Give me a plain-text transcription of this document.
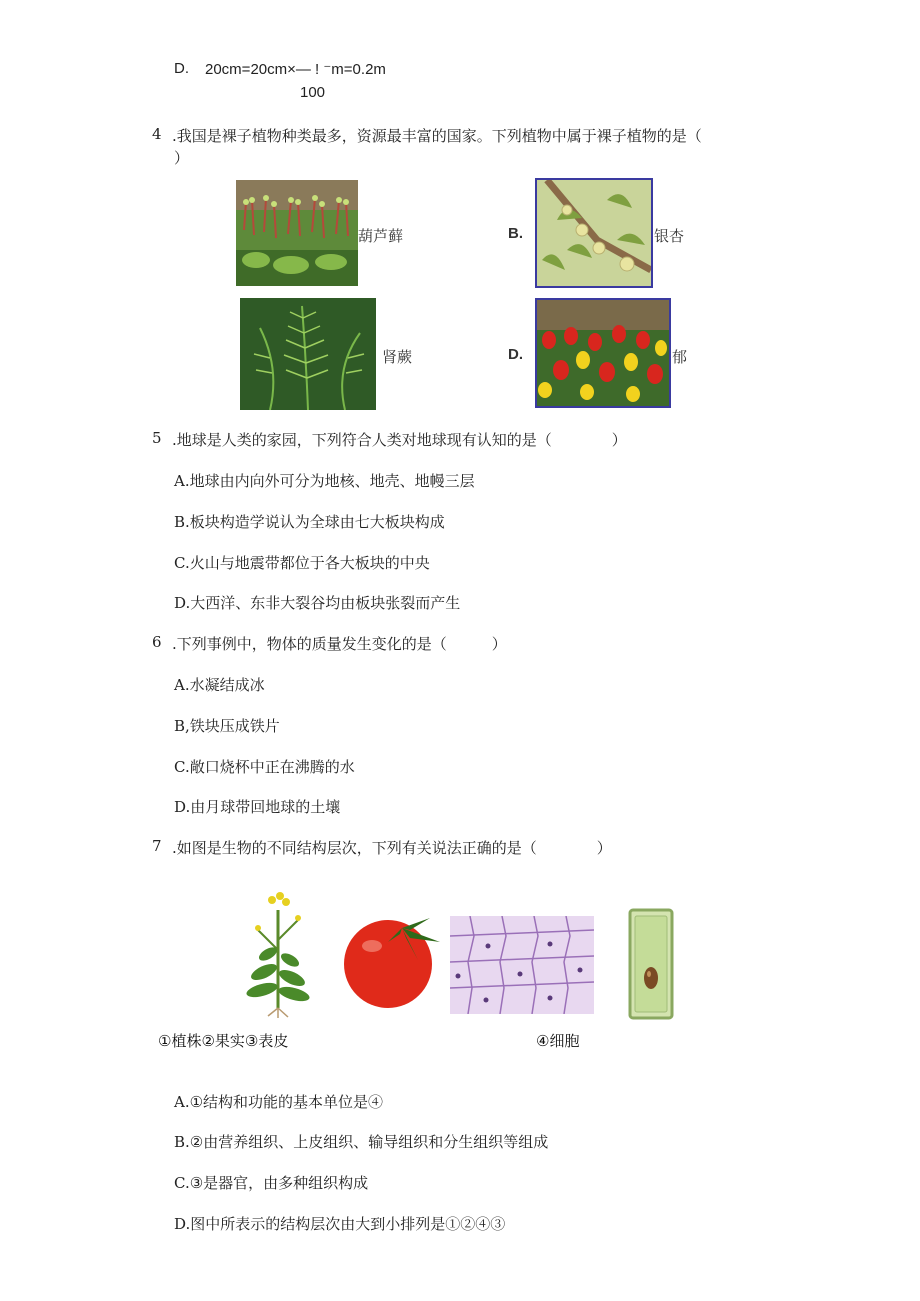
D. 20cm=20cm×— ! ⁻m=0.2m
100
4 .我国是裸子植物种类最多，资源最丰富的国家。下列植物中属于裸子植物的是（
）
葫芦藓	B.	银杏
肾蕨	D.	郁
5 .地球是人类的家园，下列符合人类对地球现有认知的是（　　　　）
A.地球由内向外可分为地核、地壳、地幔三层
B.板块构造学说认为全球由七大板块构成
C.火山与地震带都位于各大板块的中央
D.大西洋、东非大裂谷均由板块张裂而产生
6 .下列事例中，物体的质量发生变化的是（　　　）
A.水凝结成冰
B,铁块压成铁片
C.敞口烧杯中正在沸腾的水
D.由月球带回地球的土壤
7 .如图是生物的不同结构层次，下列有关说法正确的是（　　　　）
①植株②果实③表皮	④细胞
A.①结构和功能的基本单位是④
B.②由营养组织、上皮组织、输导组织和分生组织等组成
C.③是器官，由多种组织构成
D.图中所表示的结构层次由大到小排列是①②④③
